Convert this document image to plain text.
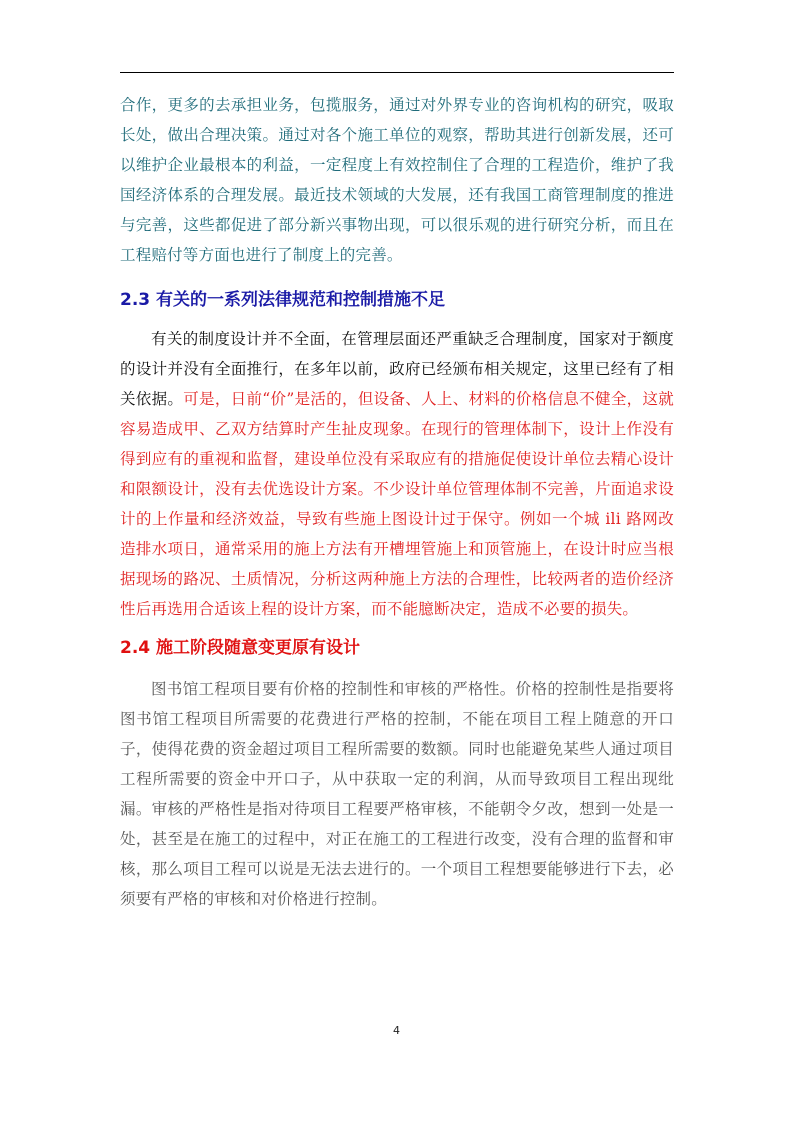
合作，更多的去承担业务，包揽服务，通过对外界专业的咨询机构的研究，吸取长处，做出合理决策。通过对各个施工单位的观察，帮助其进行创新发展，还可以维护企业最根本的利益，一定程度上有效控制住了合理的工程造价，维护了我国经济体系的合理发展。最近技术领域的大发展，还有我国工商管理制度的推进与完善，这些都促进了部分新兴事物出现，可以很乐观的进行研究分析，而且在工程赔付等方面也进行了制度上的完善。

2.3 有关的一系列法律规范和控制措施不足

有关的制度设计并不全面，在管理层面还严重缺乏合理制度，国家对于额度的设计并没有全面推行，在多年以前，政府已经颁布相关规定，这里已经有了相关依据。可是，日前“价”是活的，但设备、人上、材料的价格信息不健全，这就容易造成甲、乙双方结算时产生扯皮现象。在现行的管理体制下，设计上作没有得到应有的重视和监督，建设单位没有采取应有的措施促使设计单位去精心设计和限额设计，没有去优选设计方案。不少设计单位管理体制不完善，片面追求设计的上作量和经济效益，导致有些施上图设计过于保守。例如一个城 ili 路网改造排水项日，通常采用的施上方法有开槽埋管施上和顶管施上，在设计时应当根据现场的路况、土质情况，分析这两种施上方法的合理性，比较两者的造价经济性后再选用合适该上程的设计方案，而不能臆断决定，造成不必要的损失。

2.4 施工阶段随意变更原有设计

图书馆工程项目要有价格的控制性和审核的严格性。价格的控制性是指要将图书馆工程项目所需要的花费进行严格的控制，不能在项目工程上随意的开口子，使得花费的资金超过项目工程所需要的数额。同时也能避免某些人通过项目工程所需要的资金中开口子，从中获取一定的利润，从而导致项目工程出现纰漏。审核的严格性是指对待项目工程要严格审核，不能朝令夕改，想到一处是一处，甚至是在施工的过程中，对正在施工的工程进行改变，没有合理的监督和审核，那么项目工程可以说是无法去进行的。一个项目工程想要能够进行下去，必须要有严格的审核和对价格进行控制。

4
